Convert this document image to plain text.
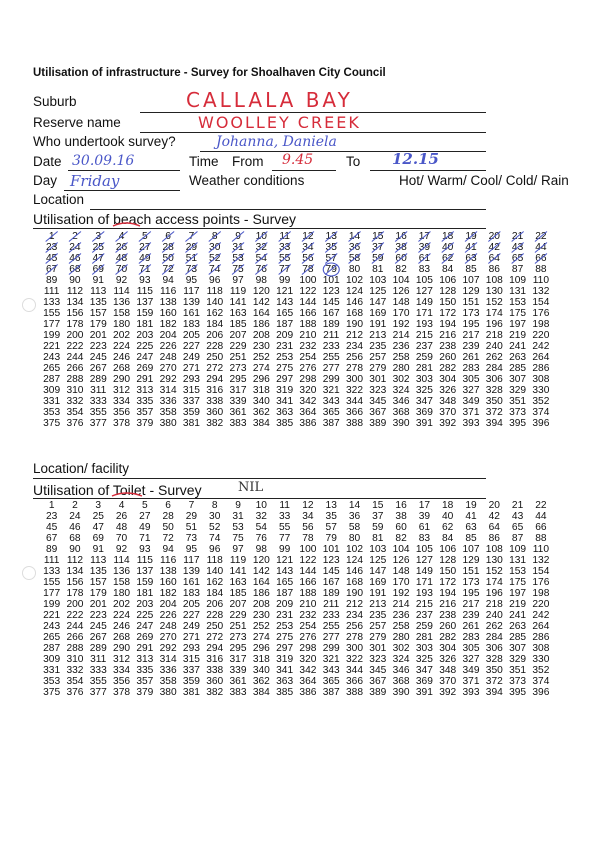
Utilisation of infrastructure - Survey for Shoalhaven City Council
Suburb	CALLALA BAY
Reserve name	WOOLLEY CREEK
Who undertook survey?	Johanna, Daniela
Date 30.09.16	Time From 9.45 To 12.15
Day Friday	Weather conditions	Hot/ Warm/ Cool/ Cold/ Rain
Location
Utilisation of beach access points - Survey
1	2	3	4	5	6	7	8	9	10	11	12	13	14	15	16	17	18	19	20	21	22
23	24	25	26	27	28	29	30	31	32	33	34	35	36	37	38	39	40	41	42	43	44
45	46	47	48	49	50	51	52	53	54	55	56	57	58	59	60	61	62	63	64	65	66
67	68	69	70	71	72	73	74	75	76	77	78	79	80	81	82	83	84	85	86	87	88
89	90	91	92	93	94	95	96	97	98	99 100 101 102 103 104 105 106 107 108 109 110
111 112 113 114 115 116 117 118 119 120 121 122 123 124 125 126 127 128 129 130 131 132
133 134 135 136 137 138 139 140 141 142 143 144 145 146 147 148 149 150 151 152 153 154
155 156 157 158 159 160 161 162 163 164 165 166 167 168 169 170 171 172 173 174 175 176
177 178 179 180 181 182 183 184 185 186 187 188 189 190 191 192 193 194 195 196 197 198
199 200 201 202 203 204 205 206 207 208 209 210 211 212 213 214 215 216 217 218 219 220
221 222 223 224 225 226 227 228 229 230 231 232 233 234 235 236 237 238 239 240 241 242
243 244 245 246 247 248 249 250 251 252 253 254 255 256 257 258 259 260 261 262 263 264
265 266 267 268 269 270 271 272 273 274 275 276 277 278 279 280 281 282 283 284 285 286
287 288 289 290 291 292 293 294 295 296 297 298 299 300 301 302 303 304 305 306 307 308
309 310 311 312 313 314 315 316 317 318 319 320 321 322 323 324 325 326 327 328 329 330
331 332 333 334 335 336 337 338 339 340 341 342 343 344 345 346 347 348 349 350 351 352
353 354 355 356 357 358 359 360 361 362 363 364 365 366 367 368 369 370 371 372 373 374
375 376 377 378 379 380 381 382 383 384 385 386 387 388 389 390 391 392 393 394 395 396
Location/ facility
Utilisation of Toilet - Survey	NIL
1	2	3	4	5	6	7	8	9	10	11	12	13	14	15	16	17	18	19	20	21	22
23	24	25	26	27	28	29	30	31	32	33	34	35	36	37	38	39	40	41	42	43	44
45	46	47	48	49	50	51	52	53	54	55	56	57	58	59	60	61	62	63	64	65	66
67	68	69	70	71	72	73	74	75	76	77	78	79	80	81	82	83	84	85	86	87	88
89	90	91	92	93	94	95	96	97	98	99 100 101 102 103 104 105 106 107 108 109 110
111 112 113 114 115 116 117 118 119 120 121 122 123 124 125 126 127 128 129 130 131 132
133 134 135 136 137 138 139 140 141 142 143 144 145 146 147 148 149 150 151 152 153 154
155 156 157 158 159 160 161 162 163 164 165 166 167 168 169 170 171 172 173 174 175 176
177 178 179 180 181 182 183 184 185 186 187 188 189 190 191 192 193 194 195 196 197 198
199 200 201 202 203 204 205 206 207 208 209 210 211 212 213 214 215 216 217 218 219 220
221 222 223 224 225 226 227 228 229 230 231 232 233 234 235 236 237 238 239 240 241 242
243 244 245 246 247 248 249 250 251 252 253 254 255 256 257 258 259 260 261 262 263 264
265 266 267 268 269 270 271 272 273 274 275 276 277 278 279 280 281 282 283 284 285 286
287 288 289 290 291 292 293 294 295 296 297 298 299 300 301 302 303 304 305 306 307 308
309 310 311 312 313 314 315 316 317 318 319 320 321 322 323 324 325 326 327 328 329 330
331 332 333 334 335 336 337 338 339 340 341 342 343 344 345 346 347 348 349 350 351 352
353 354 355 356 357 358 359 360 361 362 363 364 365 366 367 368 369 370 371 372 373 374
375 376 377 378 379 380 381 382 383 384 385 386 387 388 389 390 391 392 393 394 395 396
